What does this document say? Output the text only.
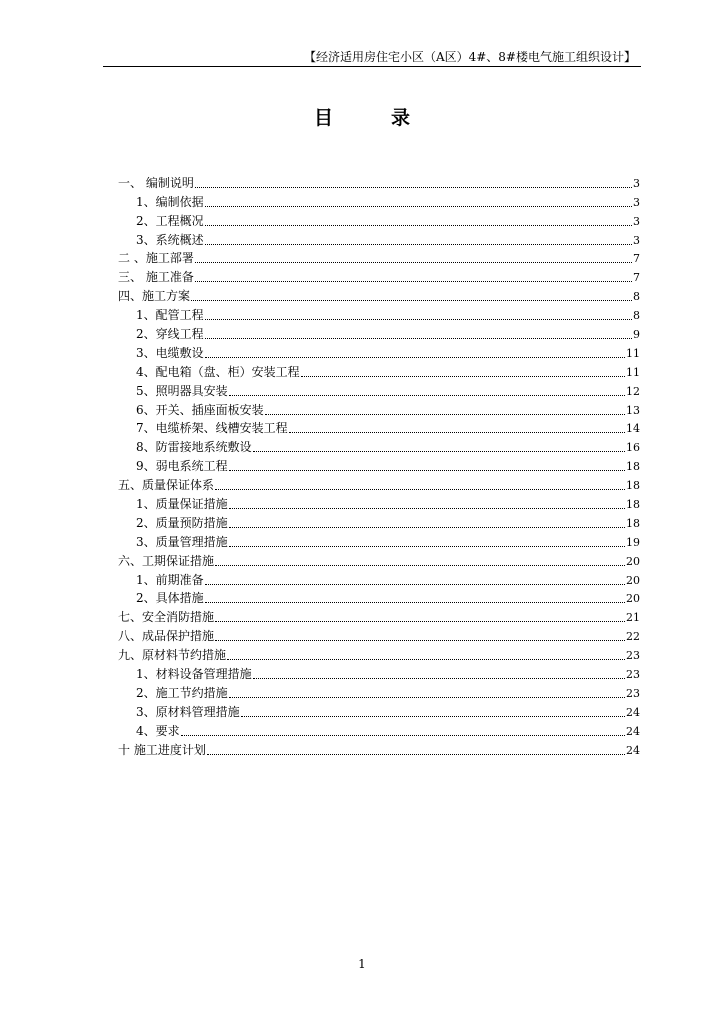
【经济适用房住宅小区（A区）4#、8#楼电气施工组织设计】
目录
一、 编制说明	3
1、编制依据	3
2、工程概况	3
3、系统概述	3
二 、施工部署	7
三、 施工准备	7
四、施工方案	8
1、配管工程	8
2、穿线工程	9
3、电缆敷设	11
4、配电箱（盘、柜）安装工程	11
5、照明器具安装	12
6、开关、插座面板安装	13
7、电缆桥架、线槽安装工程	14
8、防雷接地系统敷设	16
9、弱电系统工程	18
五、质量保证体系	18
1、质量保证措施	18
2、质量预防措施	18
3、质量管理措施	19
六、工期保证措施	20
1、前期准备	20
2、具体措施	20
七、安全消防措施	21
八、成品保护措施	22
九、原材料节约措施	23
1、材料设备管理措施	23
2、施工节约措施	23
3、原材料管理措施	24
4、要求	24
十 施工进度计划	24
1
